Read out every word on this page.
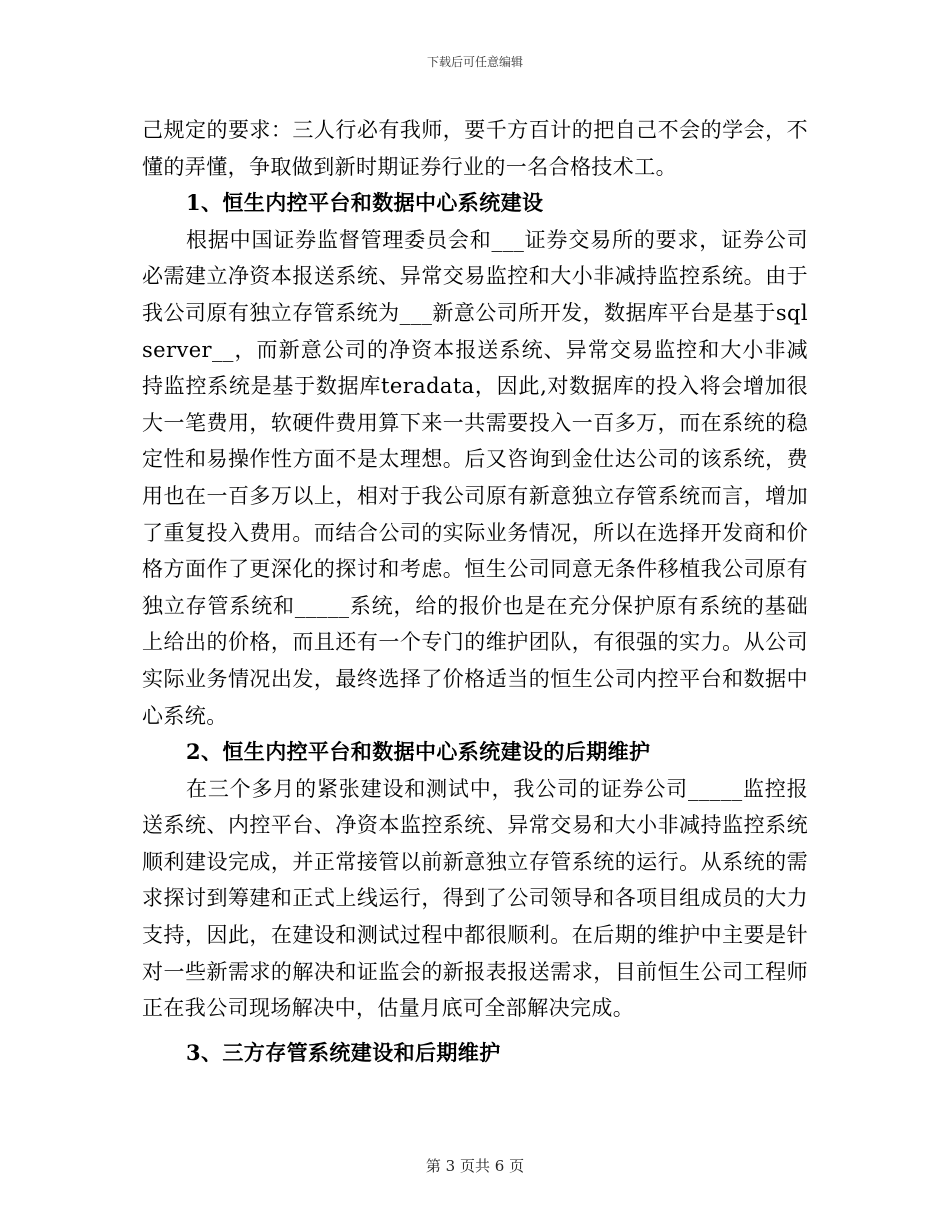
下载后可任意编辑

己规定的要求：三人行必有我师，要千方百计的把自己不会的学会，不懂的弄懂，争取做到新时期证券行业的一名合格技术工。

1、恒生内控平台和数据中心系统建设

根据中国证券监督管理委员会和___证券交易所的要求，证券公司必需建立净资本报送系统、异常交易监控和大小非减持监控系统。由于我公司原有独立存管系统为___新意公司所开发，数据库平台是基于sqlserver__，而新意公司的净资本报送系统、异常交易监控和大小非减持监控系统是基于数据库teradata，因此,对数据库的投入将会增加很大一笔费用，软硬件费用算下来一共需要投入一百多万，而在系统的稳定性和易操作性方面不是太理想。后又咨询到金仕达公司的该系统，费用也在一百多万以上，相对于我公司原有新意独立存管系统而言，增加了重复投入费用。而结合公司的实际业务情况，所以在选择开发商和价格方面作了更深化的探讨和考虑。恒生公司同意无条件移植我公司原有独立存管系统和_____系统，给的报价也是在充分保护原有系统的基础上给出的价格，而且还有一个专门的维护团队，有很强的实力。从公司实际业务情况出发，最终选择了价格适当的恒生公司内控平台和数据中心系统。

2、恒生内控平台和数据中心系统建设的后期维护

在三个多月的紧张建设和测试中，我公司的证券公司_____监控报送系统、内控平台、净资本监控系统、异常交易和大小非减持监控系统顺利建设完成，并正常接管以前新意独立存管系统的运行。从系统的需求探讨到筹建和正式上线运行，得到了公司领导和各项目组成员的大力支持，因此，在建设和测试过程中都很顺利。在后期的维护中主要是针对一些新需求的解决和证监会的新报表报送需求，目前恒生公司工程师正在我公司现场解决中，估量月底可全部解决完成。

3、三方存管系统建设和后期维护

第 3 页共 6 页
